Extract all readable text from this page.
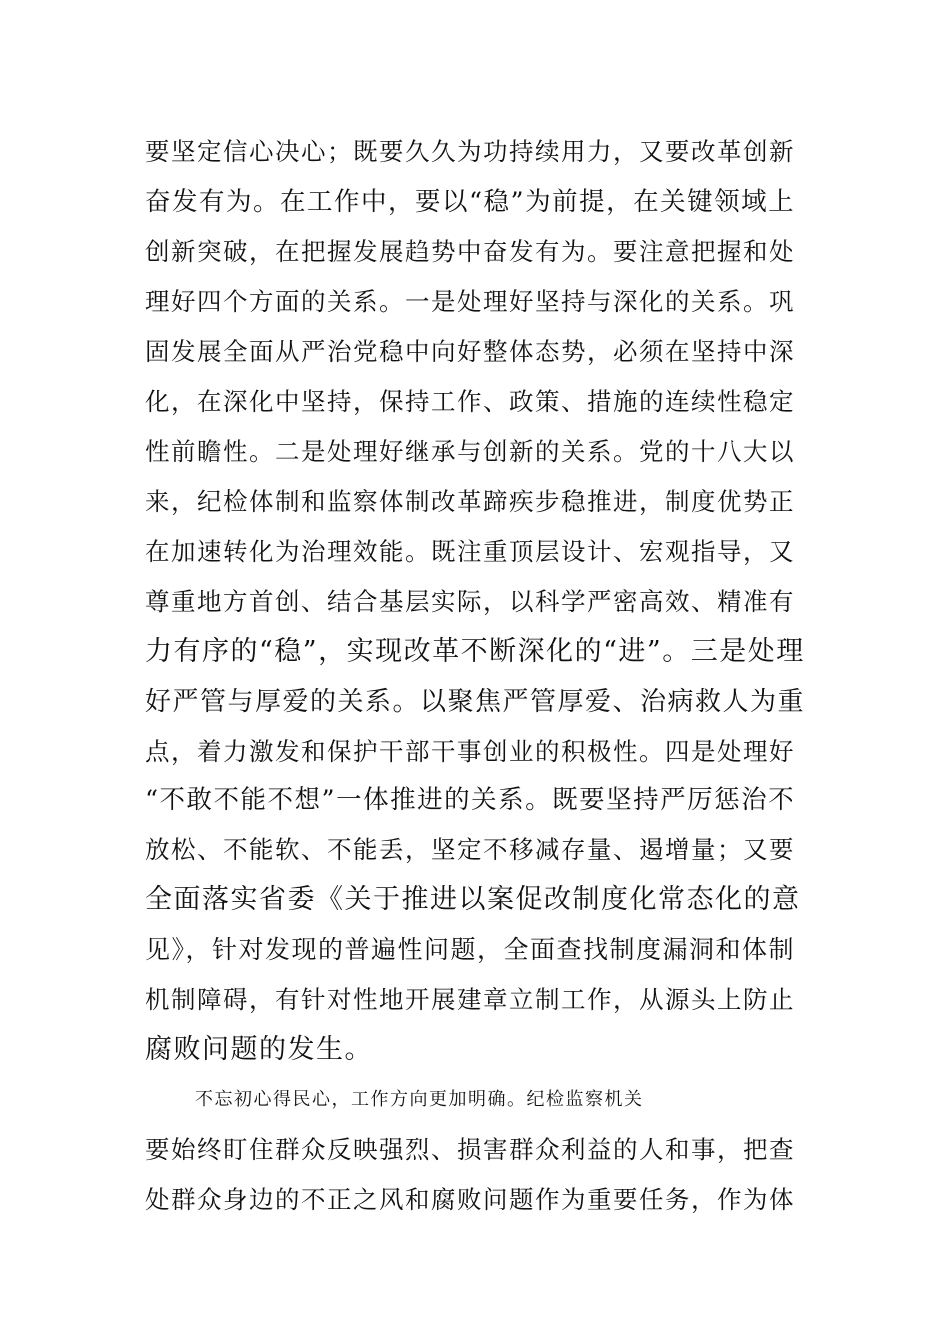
要坚定信心决心；既要久久为功持续用力，又要改革创新
奋发有为。在工作中，要以“稳”为前提，在关键领域上
创新突破，在把握发展趋势中奋发有为。要注意把握和处
理好四个方面的关系。一是处理好坚持与深化的关系。巩
固发展全面从严治党稳中向好整体态势，必须在坚持中深
化，在深化中坚持，保持工作、政策、措施的连续性稳定
性前瞻性。二是处理好继承与创新的关系。党的十八大以
来，纪检体制和监察体制改革蹄疾步稳推进，制度优势正
在加速转化为治理效能。既注重顶层设计、宏观指导，又
尊重地方首创、结合基层实际，以科学严密高效、精准有
力有序的“稳”，实现改革不断深化的“进”。三是处理
好严管与厚爱的关系。以聚焦严管厚爱、治病救人为重
点，着力激发和保护干部干事创业的积极性。四是处理好
“不敢不能不想”一体推进的关系。既要坚持严厉惩治不
放松、不能软、不能丢，坚定不移减存量、遏增量；又要
全面落实省委《关于推进以案促改制度化常态化的意
见》，针对发现的普遍性问题，全面查找制度漏洞和体制
机制障碍，有针对性地开展建章立制工作，从源头上防止
腐败问题的发生。
不忘初心得民心，工作方向更加明确。纪检监察机关
要始终盯住群众反映强烈、损害群众利益的人和事，把查
处群众身边的不正之风和腐败问题作为重要任务，作为体
